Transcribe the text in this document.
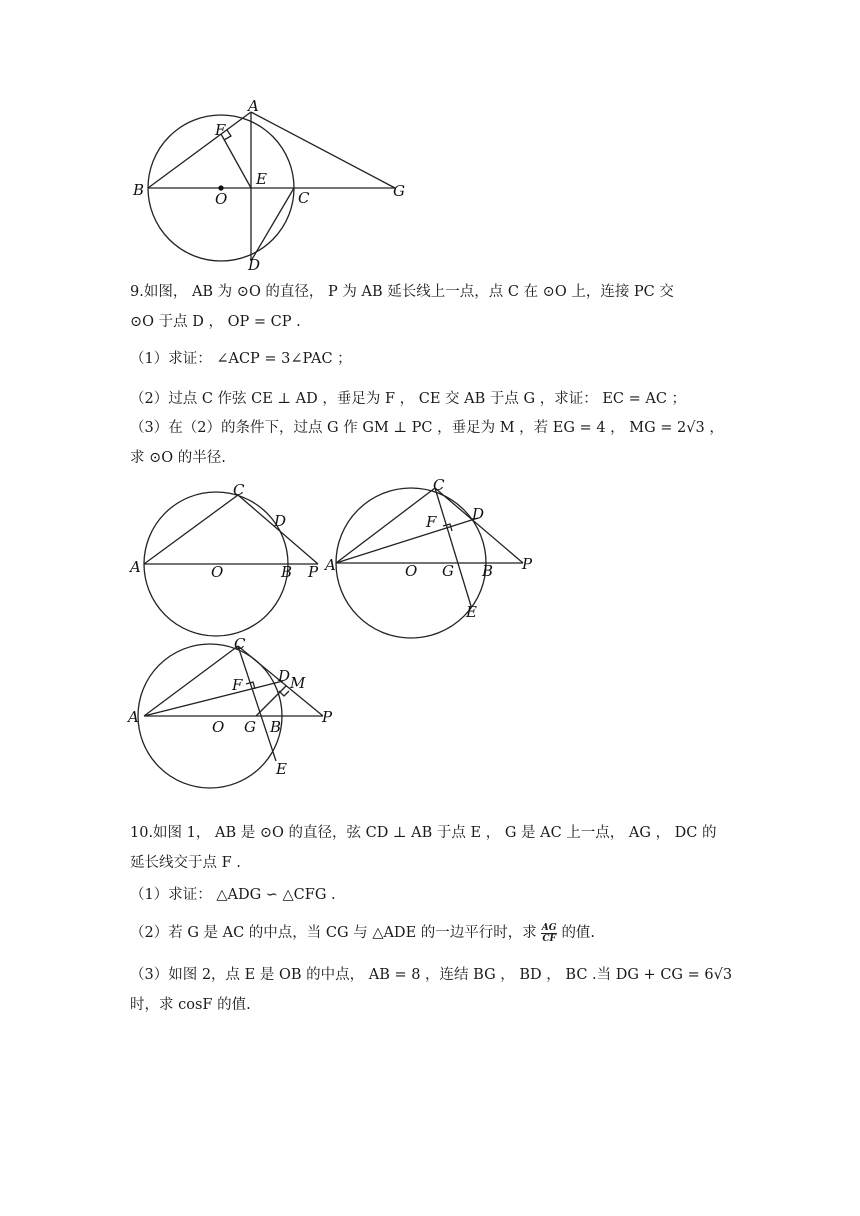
A
F
B	O
E
C	G
D
9.如图， AB 为 ⊙O 的直径， P 为 AB 延长线上一点，点 C 在 ⊙O 上，连接 PC 交
⊙O 于点 D ， OP = CP .
（1）求证： ∠ACP = 3∠PAC ；
（2）过点 C 作弦 CE ⊥ AD ，垂足为 F ， CE 交 AB 于点 G ，求证： EC = AC ；
（3）在（2）的条件下，过点 G 作 GM ⊥ PC ，垂足为 M ，若 EG = 4 ， MG = 2√3 ，
求 ⊙O 的半径.
C
D
A	O	B P
C
D
F
A	O G B P
E
C
D M
F
A
O G B
P
E
10.如图 1， AB 是 ⊙O 的直径，弦 CD ⊥ AB 于点 E ， G 是 AC 上一点， AG ， DC 的
延长线交于点 F .
（1）求证： △ADG ∽ △CFG .
（2）若 G 是 AC 的中点，当 CG 与 △ADE 的一边平行时，求 $\frac{AG}{CF}$ 的值.
（3）如图 2，点 E 是 OB 的中点， AB = 8 ，连结 BG ， BD ， BC .当 DG + CG = 6√3
时，求 cosF 的值.
